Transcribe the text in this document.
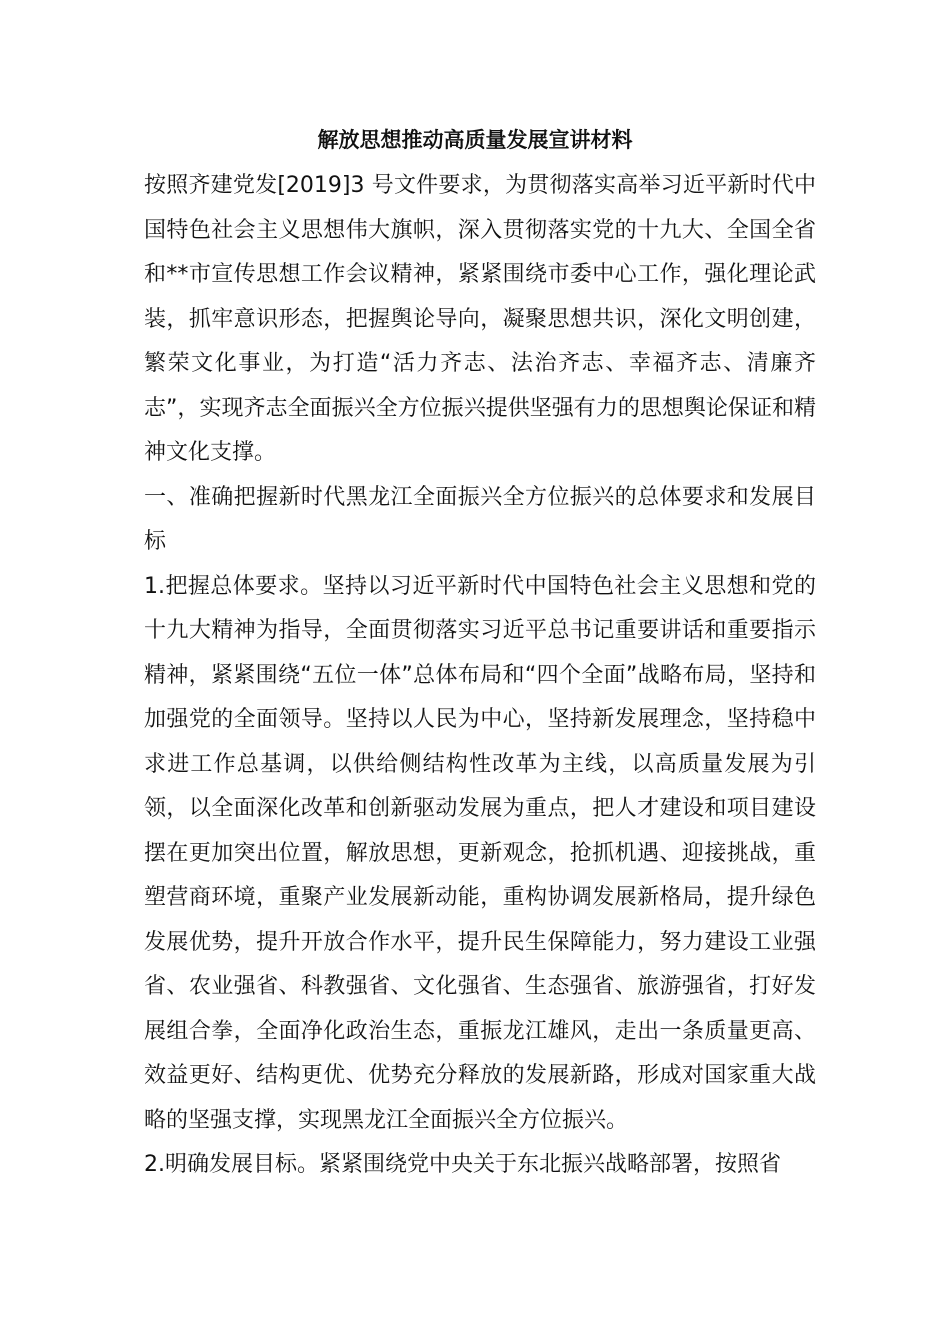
解放思想推动高质量发展宣讲材料

按照齐建党发[2019]3 号文件要求，为贯彻落实高举习近平新时代中国特色社会主义思想伟大旗帜，深入贯彻落实党的十九大、全国全省和**市宣传思想工作会议精神，紧紧围绕市委中心工作，强化理论武装，抓牢意识形态，把握舆论导向，凝聚思想共识，深化文明创建，繁荣文化事业，为打造“活力齐志、法治齐志、幸福齐志、清廉齐志”，实现齐志全面振兴全方位振兴提供坚强有力的思想舆论保证和精神文化支撑。

一、准确把握新时代黑龙江全面振兴全方位振兴的总体要求和发展目标

1.把握总体要求。坚持以习近平新时代中国特色社会主义思想和党的十九大精神为指导，全面贯彻落实习近平总书记重要讲话和重要指示精神，紧紧围绕“五位一体”总体布局和“四个全面”战略布局，坚持和加强党的全面领导。坚持以人民为中心，坚持新发展理念，坚持稳中求进工作总基调，以供给侧结构性改革为主线，以高质量发展为引领，以全面深化改革和创新驱动发展为重点，把人才建设和项目建设摆在更加突出位置，解放思想，更新观念，抢抓机遇、迎接挑战，重塑营商环境，重聚产业发展新动能，重构协调发展新格局，提升绿色发展优势，提升开放合作水平，提升民生保障能力，努力建设工业强省、农业强省、科教强省、文化强省、生态强省、旅游强省，打好发展组合拳，全面净化政治生态，重振龙江雄风，走出一条质量更高、效益更好、结构更优、优势充分释放的发展新路，形成对国家重大战略的坚强支撑，实现黑龙江全面振兴全方位振兴。

2.明确发展目标。紧紧围绕党中央关于东北振兴战略部署，按照省
